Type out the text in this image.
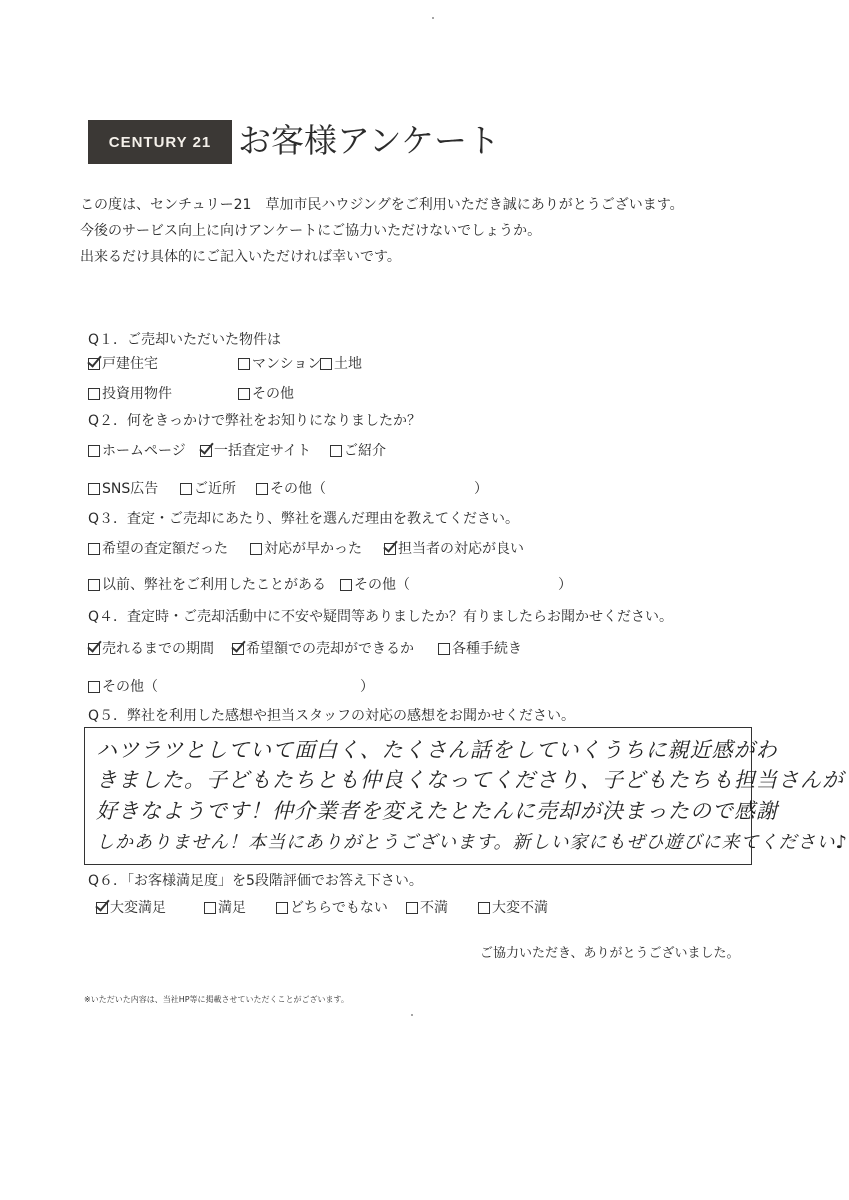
CENTURY 21 お客様アンケート
この度は、センチュリー21　草加市民ハウジングをご利用いただき誠にありがとうございます。
今後のサービス向上に向けアンケートにご協力いただけないでしょうか。
出来るだけ具体的にご記入いただければ幸いです。
Q１．ご売却いただいた物件は
戸建住宅	マンション 土地
投資用物件	その他
Q２．何をきっかけで弊社をお知りになりましたか？
ホームページ 一括査定サイト ご紹介
SNS広告	ご近所 その他（	）
Q３．査定・ご売却にあたり、弊社を選んだ理由を教えてください。
希望の査定額だった	対応が早かった	担当者の対応が良い
以前、弊社をご利用したことがある その他（	）
Q４．査定時・ご売却活動中に不安や疑問等ありましたか？有りましたらお聞かせください。
売れるまでの期間 希望額での売却ができるか	各種手続き
その他（	）
Q５．弊社を利用した感想や担当スタッフの対応の感想をお聞かせください。
ハツラツとしていて面白く、たくさん話をしていくうちに親近感がわ
きました。子どもたちとも仲良くなってくださり、子どもたちも担当さんが
好きなようです！仲介業者を変えたとたんに売却が決まったので感謝
しかありません！本当にありがとうございます。新しい家にもぜひ遊びに来てください♪
Q６．「お客様満足度」を5段階評価でお答え下さい。
大変満足	満足	どちらでもない 不満	大変不満
ご協力いただき、ありがとうございました。
※いただいた内容は、当社HP等に掲載させていただくことがございます。
